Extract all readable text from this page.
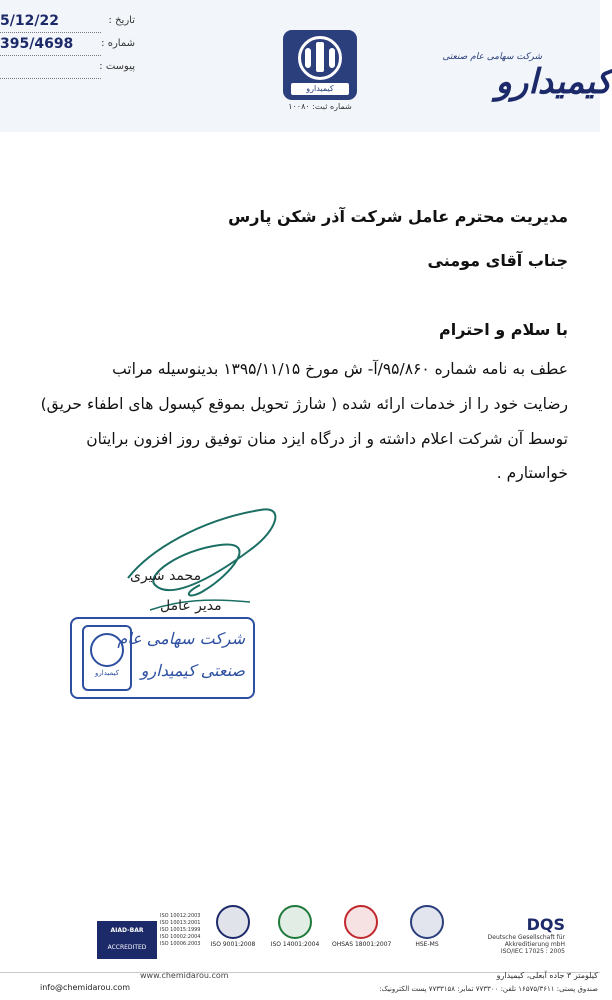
5/12/22	تاریخ :
395/4698	شماره :
پیوست :
کیمیدارو
شماره ثبت: ۱۰۰۸۰
شرکت سهامی عام صنعتی
کیمیدارو
مدیریت محترم عامل شرکت آذر شکن پارس
جناب آقای مومنی
با سلام و احترام
عطف به نامه شماره ۹۵/۸۶۰/آ- ش مورخ ۱۳۹۵/۱۱/۱۵ بدینوسیله مراتب
رضایت خود را از خدمات ارائه شده ( شارژ تحویل بموقع کپسول های اطفاء حریق)
توسط آن شرکت اعلام داشته و از درگاه ایزد منان توفیق روز افزون برایتان
خواستارم .
محمد شیری
مدیر عامل
کیمیدارو
شرکت سهامی عام
صنعتی کیمیدارو
AIAD-BAR
ACCREDITED
ISO 10012:2003
ISO 10013:2001
ISO 10015:1999
ISO 10002:2004
ISO 10006:2003	ISO 9001:2008	ISO 14001:2004 OHSAS 18001:2007	HSE-MS
DQS
Deutsche Gesellschaft für Akkreditierung mbH
ISO/IEC 17025 : 2005
info@chemidarou.com
www.chemidarou.com	کیلومتر ۳ جاده آبعلی، کیمیدارو
صندوق پستی: ۱۶۵۷۵/۳۶۱۱ تلفن: ۷۷۳۳۰۰ تمابر: ۷۷۳۳۱۵۸ پست الکترونیک:
